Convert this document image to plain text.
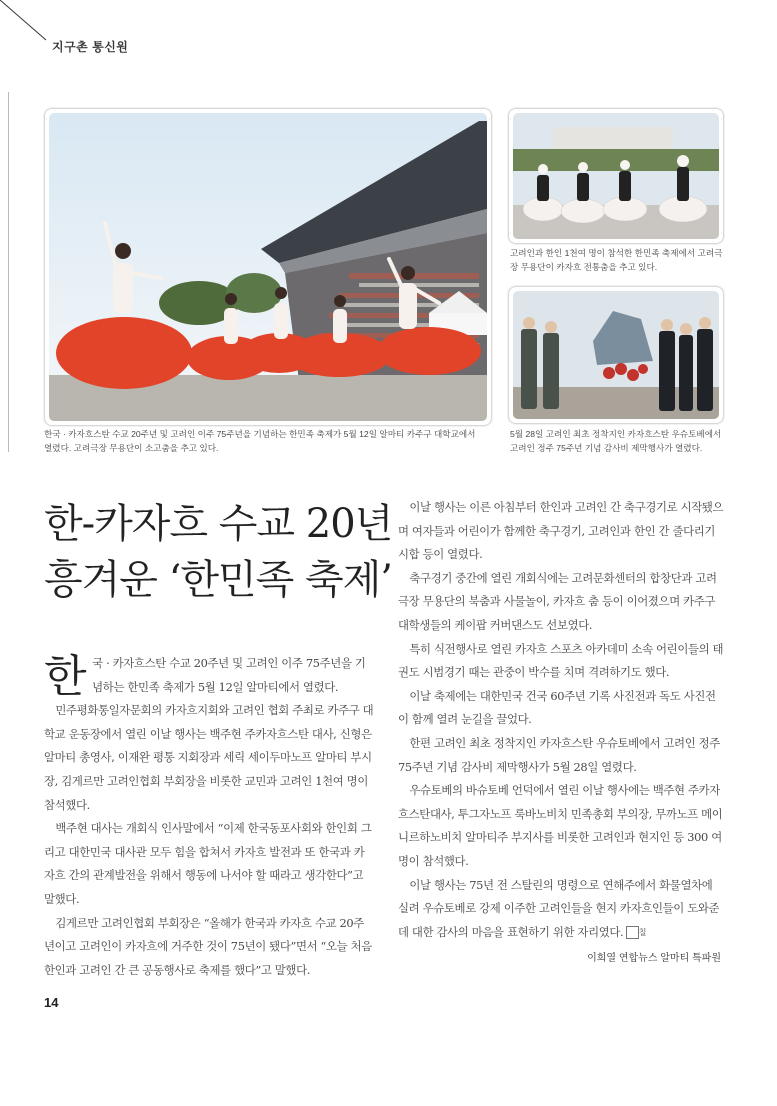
지구촌 통신원
한국 · 카자흐스탄 수교 20주년 및 고려인 이주 75주년을 기념하는 한민족 축제가 5월 12일 알마티 카주구 대학교에서 열렸다. 고려극장 무용단이 소고춤을 추고 있다.
고려인과 한인 1천여 명이 참석한 한민족 축제에서 고려극장 무용단이 카자흐 전통춤을 추고 있다.
5월 28일 고려인 최초 정착지인 카자흐스탄 우슈토베에서 고려인 정주 75주년 기념 감사비 제막행사가 열렸다.
한-카자흐 수교 20년
흥겨운 ‘한민족 축제’

한국 · 카자흐스탄 수교 20주년 및 고려인 이주 75주년을 기념하는 한민족 축제가 5월 12일 알마티에서 열렸다.

민주평화통일자문회의 카자흐지회와 고려인 협회 주최로 카주구 대학교 운동장에서 열린 이날 행사는 백주현 주카자흐스탄 대사, 신형은 알마티 총영사, 이재완 평통 지회장과 세릭 세이두마노프 알마티 부시장, 김게르만 고려인협회 부회장을 비롯한 교민과 고려인 1천여 명이 참석했다.

백주현 대사는 개회식 인사말에서 “이제 한국동포사회와 한인회 그리고 대한민국 대사관 모두 힘을 합쳐서 카자흐 발전과 또 한국과 카자흐 간의 관계발전을 위해서 행동에 나서야 할 때라고 생각한다”고 말했다.

김게르만 고려인협회 부회장은 “올해가 한국과 카자흐 수교 20주년이고 고려인이 카자흐에 거주한 것이 75년이 됐다”면서 “오늘 처음 한인과 고려인 간 큰 공동행사로 축제를 했다”고 말했다.

이날 행사는 이른 아침부터 한인과 고려인 간 축구경기로 시작됐으며 여자들과 어린이가 함께한 축구경기, 고려인과 한인 간 줄다리기 시합 등이 열렸다.

축구경기 중간에 열린 개회식에는 고려문화센터의 합창단과 고려극장 무용단의 북춤과 사물놀이, 카자흐 춤 등이 이어졌으며 카주구 대학생들의 케이팝 커버댄스도 선보였다.

특히 식전행사로 열린 카자흐 스포츠 아카데미 소속 어린이들의 태권도 시범경기 때는 관중이 박수를 치며 격려하기도 했다.

이날 축제에는 대한민국 건국 60주년 기록 사진전과 독도 사진전이 함께 열려 눈길을 끌었다.

한편 고려인 최초 정착지인 카자흐스탄 우슈토베에서 고려인 정주 75주년 기념 감사비 제막행사가 5월 28일 열렸다.

우슈토베의 바슈토베 언덕에서 열린 이날 행사에는 백주현 주카자흐스탄대사, 투그자노프 룩바노비치 민족총회 부의장, 무까노프 메이니르하노비치 알마티주 부지사를 비롯한 고려인과 현지인 등 300 여명이 참석했다.

이날 행사는 75년 전 스탈린의 명령으로 연해주에서 화물열차에 실려 우슈토베로 강제 이주한 고려인들을 현지 카자흐인들이 도와준 데 대한 감사의 마음을 표현하기 위한 자리였다. 칠

이희열 연합뉴스 알마티 특파원
14
